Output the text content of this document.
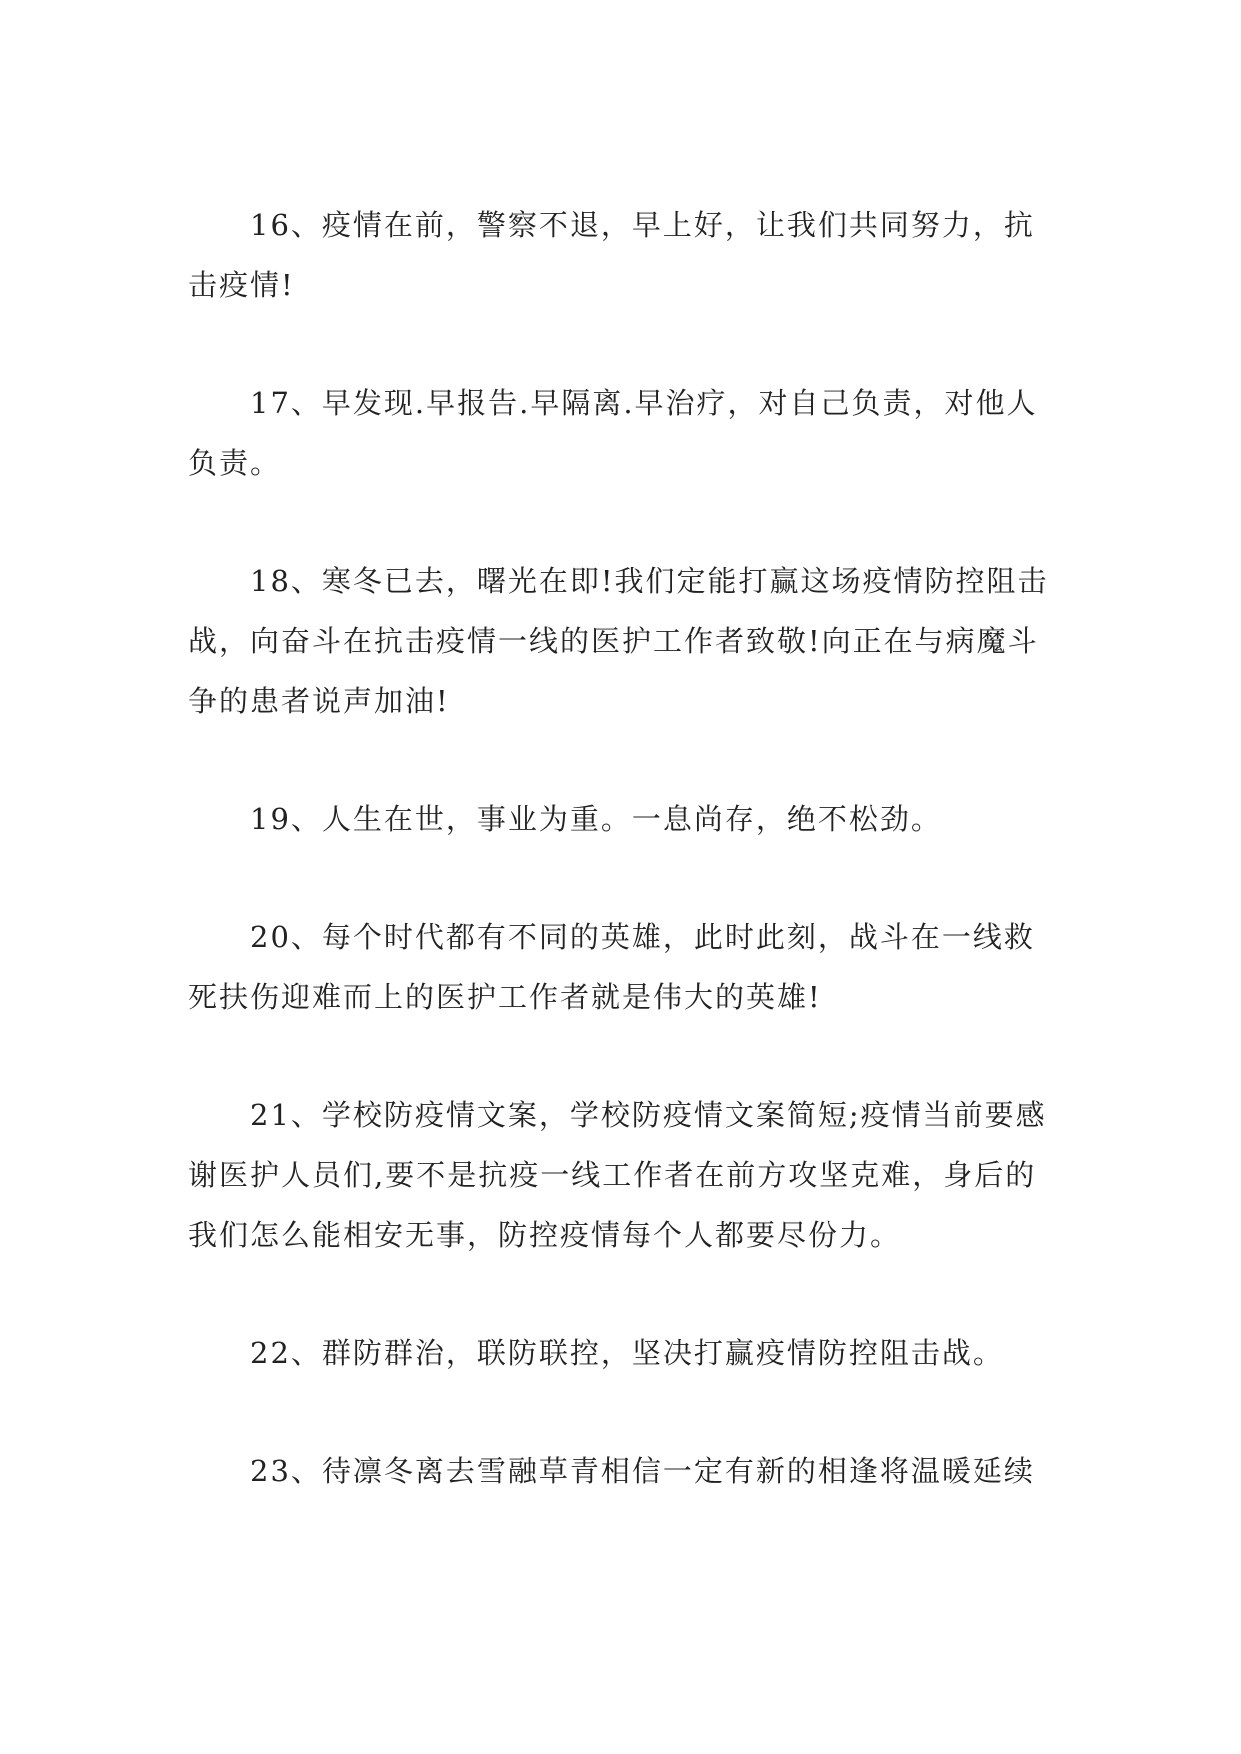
16、疫情在前，警察不退，早上好，让我们共同努力，抗击疫情!

17、早发现.早报告.早隔离.早治疗，对自己负责，对他人负责。

18、寒冬已去，曙光在即!我们定能打赢这场疫情防控阻击战，向奋斗在抗击疫情一线的医护工作者致敬!向正在与病魔斗争的患者说声加油!

19、人生在世，事业为重。一息尚存，绝不松劲。

20、每个时代都有不同的英雄，此时此刻，战斗在一线救死扶伤迎难而上的医护工作者就是伟大的英雄!

21、学校防疫情文案，学校防疫情文案简短;疫情当前要感谢医护人员们,要不是抗疫一线工作者在前方攻坚克难，身后的我们怎么能相安无事，防控疫情每个人都要尽份力。

22、群防群治，联防联控，坚决打赢疫情防控阻击战。

23、待凛冬离去雪融草青相信一定有新的相逢将温暖延续
